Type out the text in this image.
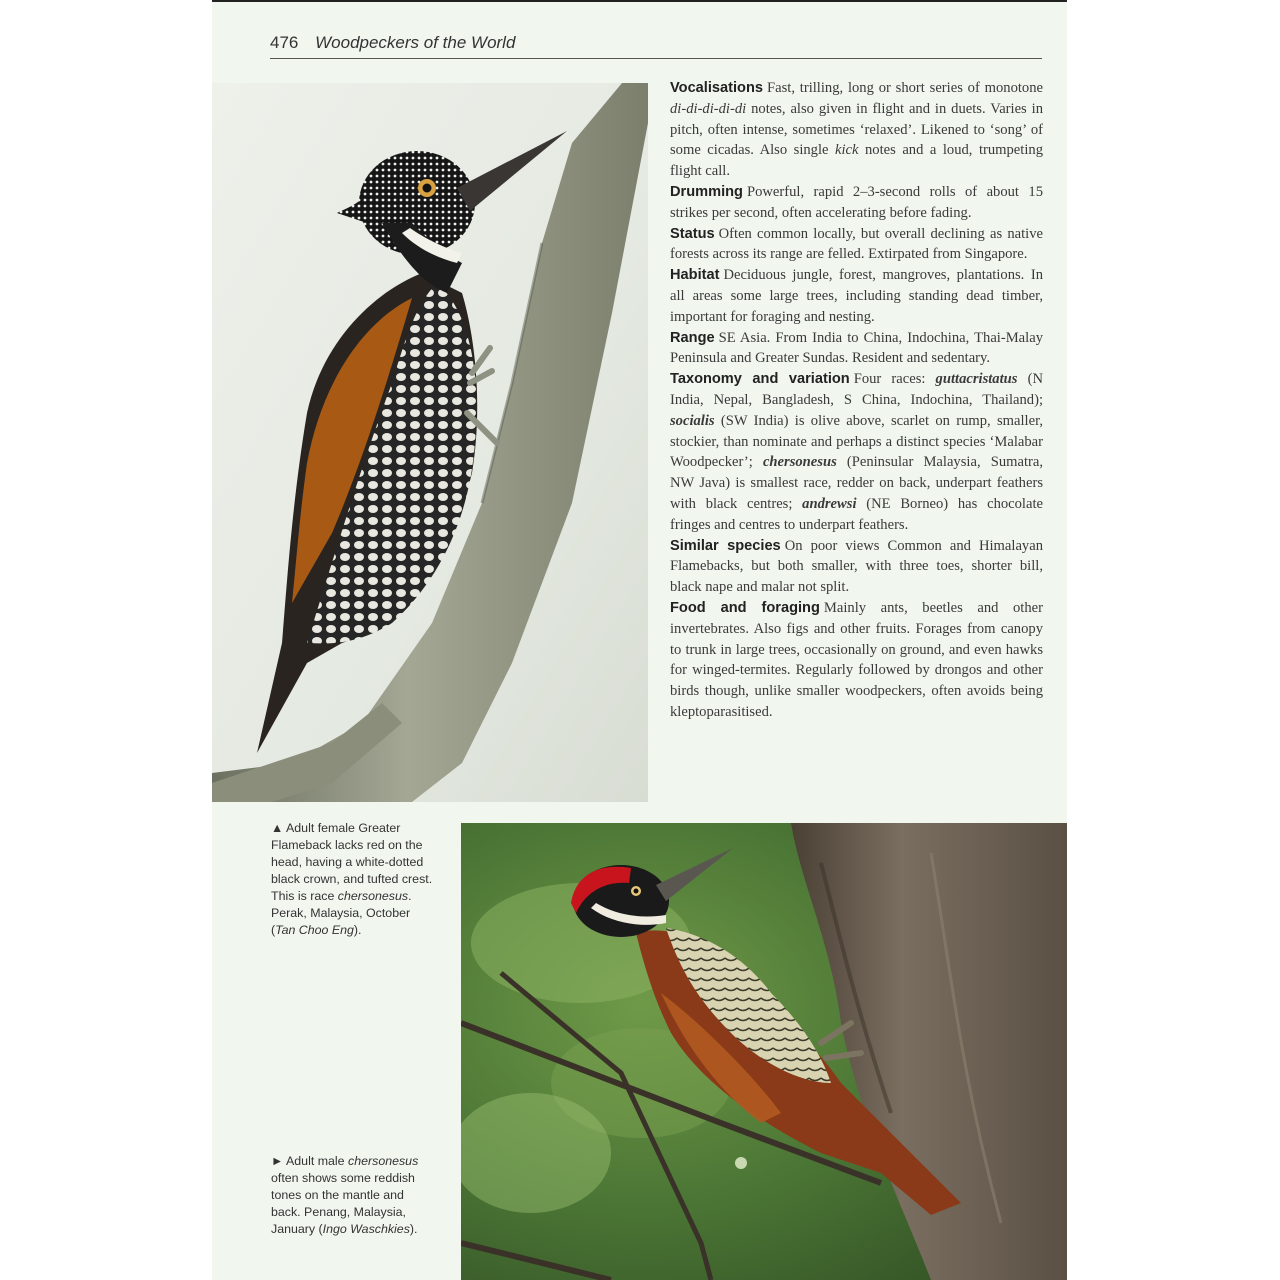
476 Woodpeckers of the World

Vocalisations Fast, trilling, long or short series of monotone di-di-di-di-di notes, also given in flight and in duets. Varies in pitch, often intense, sometimes ‘relaxed’. Likened to ‘song’ of some cicadas. Also single kick notes and a loud, trumpeting flight call.

Drumming Powerful, rapid 2–3-second rolls of about 15 strikes per second, often accelerating before fading.

Status Often common locally, but overall declining as native forests across its range are felled. Extirpated from Singapore.

Habitat Deciduous jungle, forest, mangroves, plantations. In all areas some large trees, including standing dead timber, important for foraging and nesting.

Range SE Asia. From India to China, Indochina, Thai-Malay Peninsula and Greater Sundas. Resident and sedentary.

Taxonomy and variation Four races: guttacristatus (N India, Nepal, Bangladesh, S China, Indochina, Thailand); socialis (SW India) is olive above, scarlet on rump, smaller, stockier, than nominate and perhaps a distinct species ‘Malabar Woodpecker’; chersonesus (Peninsular Malaysia, Sumatra, NW Java) is smallest race, redder on back, underpart feathers with black centres; andrewsi (NE Borneo) has chocolate fringes and centres to underpart feathers.

Similar species On poor views Common and Himalayan Flamebacks, but both smaller, with three toes, shorter bill, black nape and malar not split.

Food and foraging Mainly ants, beetles and other invertebrates. Also figs and other fruits. Forages from canopy to trunk in large trees, occasionally on ground, and even hawks for winged-termites. Regularly followed by drongos and other birds though, unlike smaller woodpeckers, often avoids being kleptoparasitised.

▲ Adult female Greater Flameback lacks red on the head, having a white-dotted black crown, and tufted crest. This is race chersonesus. Perak, Malaysia, October (Tan Choo Eng).
► Adult male chersonesus often shows some reddish tones on the mantle and back. Penang, Malaysia, January (Ingo Waschkies).
